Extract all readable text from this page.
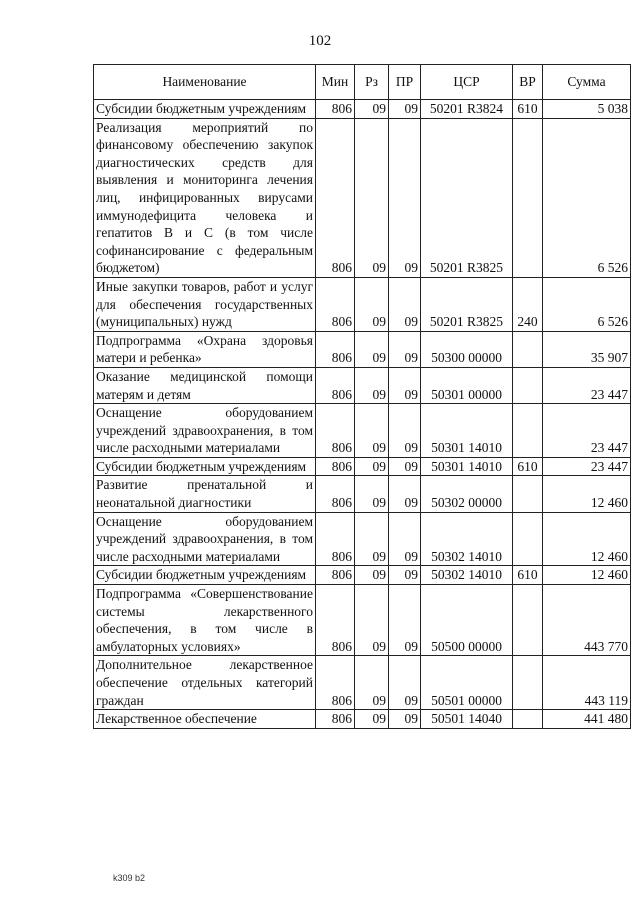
102
Наименование	Мин	Рз	ПР	ЦСР	ВР	Сумма
Субсидии бюджетным учреждениям	806	09	09	50201 R3824	610	5 038
Реализация мероприятий по финансовому обеспечению закупок диагностических средств для выявления и мониторинга лечения лиц, инфицированных вирусами иммунодефицита человека и гепатитов В и С (в том числе софинансирование с федеральным бюджетом)	806	09	09	50201 R3825		6 526
Иные закупки товаров, работ и услуг для обеспечения государственных (муниципальных) нужд	806	09	09	50201 R3825	240	6 526
Подпрограмма «Охрана здоровья матери и ребенка»	806	09	09	50300 00000		35 907
Оказание медицинской помощи матерям и детям	806	09	09	50301 00000		23 447
Оснащение оборудованием учреждений здравоохранения, в том числе расходными материалами	806	09	09	50301 14010		23 447
Субсидии бюджетным учреждениям	806	09	09	50301 14010	610	23 447
Развитие пренатальной и неонатальной диагностики	806	09	09	50302 00000		12 460
Оснащение оборудованием учреждений здравоохранения, в том числе расходными материалами	806	09	09	50302 14010		12 460
Субсидии бюджетным учреждениям	806	09	09	50302 14010	610	12 460
Подпрограмма «Совершенствование системы лекарственного обеспечения, в том числе в амбулаторных условиях»	806	09	09	50500 00000		443 770
Дополнительное лекарственное обеспечение отдельных категорий граждан	806	09	09	50501 00000		443 119
Лекарственное обеспечение	806	09	09	50501 14040		441 480
k309 b2
